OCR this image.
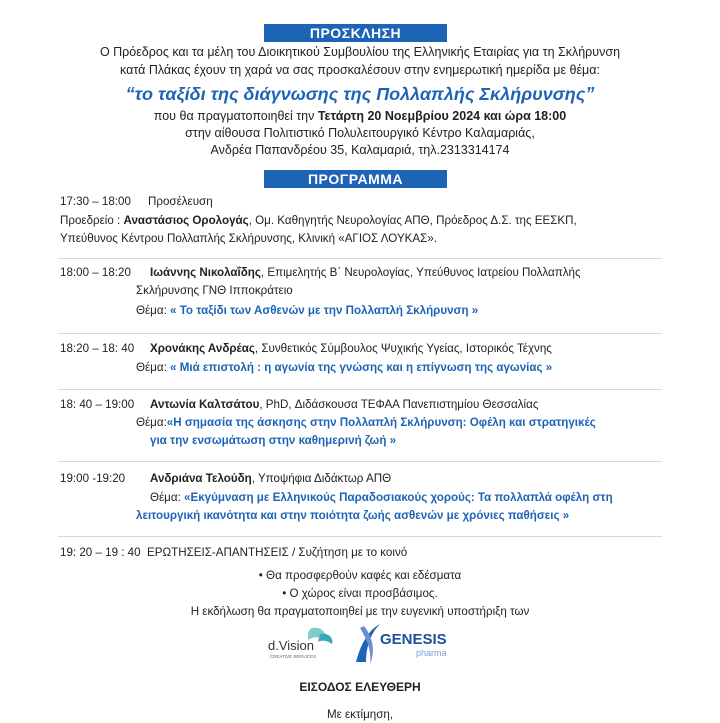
ΠΡΟΣΚΛΗΣΗ
Ο Πρόεδρος και τα μέλη του Διοικητικού Συμβουλίου της Ελληνικής Εταιρίας για τη Σκλήρυνση
κατά Πλάκας έχουν τη χαρά να σας προσκαλέσουν στην ενημερωτική ημερίδα με θέμα:
“το ταξίδι της διάγνωσης της Πολλαπλής Σκλήρυνσης”
που θα πραγματοποιηθεί την Τετάρτη 20 Νοεμβρίου 2024 και ώρα 18:00
στην αίθουσα Πολιτιστικό Πολυλειτουργικό Κέντρο Καλαμαριάς,
Ανδρέα Παπανδρέου 35, Καλαμαριά, τηλ.2313314174
ΠΡΟΓΡΑΜΜΑ
17:30 – 18:00 Προσέλευση
Προεδρείο : Αναστάσιος Ορολογάς, Ομ. Καθηγητής Νευρολογίας ΑΠΘ, Πρόεδρος Δ.Σ. της ΕΕΣΚΠ,
Υπεύθυνος Κέντρου Πολλαπλής Σκλήρυνσης, Κλινική «ΑΓΙΟΣ ΛΟΥΚΑΣ».
18:00 – 18:20 Ιωάννης Νικολαΐδης, Επιμελητής Β΄ Νευρολογίας, Υπεύθυνος Ιατρείου Πολλαπλής
Σκλήρυνσης ΓΝΘ Ιπποκράτειο
Θέμα: « Το ταξίδι των Ασθενών με την Πολλαπλή Σκλήρυνση »
18:20 – 18: 40 Χρονάκης Ανδρέας, Συνθετικός Σύμβουλος Ψυχικής Υγείας, Ιστορικός Τέχνης
Θέμα: « Μιά επιστολή : η αγωνία της γνώσης και η επίγνωση της αγωνίας »
18: 40 – 19:00 Αντωνία Καλτσάτου, PhD, Διδάσκουσα ΤΕΦΑΑ Πανεπιστημίου Θεσσαλίας
Θέμα:«Η σημασία της άσκησης στην Πολλαπλή Σκλήρυνση: Οφέλη και στρατηγικές
για την ενσωμάτωση στην καθημερινή ζωή »
19:00 -19:20 Ανδριάνα Τελούδη, Υποψήφια Διδάκτωρ ΑΠΘ
Θέμα: «Εκγύμναση με Ελληνικούς Παραδοσιακούς χορούς: Τα πολλαπλά οφέλη στη
λειτουργική ικανότητα και στην ποιότητα ζωής ασθενών με χρόνιες παθήσεις »
19: 20 – 19 : 40 ΕΡΩΤΗΣΕΙΣ-ΑΠΑΝΤΗΣΕΙΣ / Συζήτηση με το κοινό
• Θα προσφερθούν καφές και εδέσματα
• Ο χώρος είναι προσβάσιμος.
Η εκδήλωση θα πραγματοποιηθεί με την ευγενική υποστήριξη των
d.Vision
CREATIVE SERVICES
GENESIS
pharma
ΕΙΣΟΔΟΣ ΕΛΕΥΘΕΡΗ
Με εκτίμηση,
